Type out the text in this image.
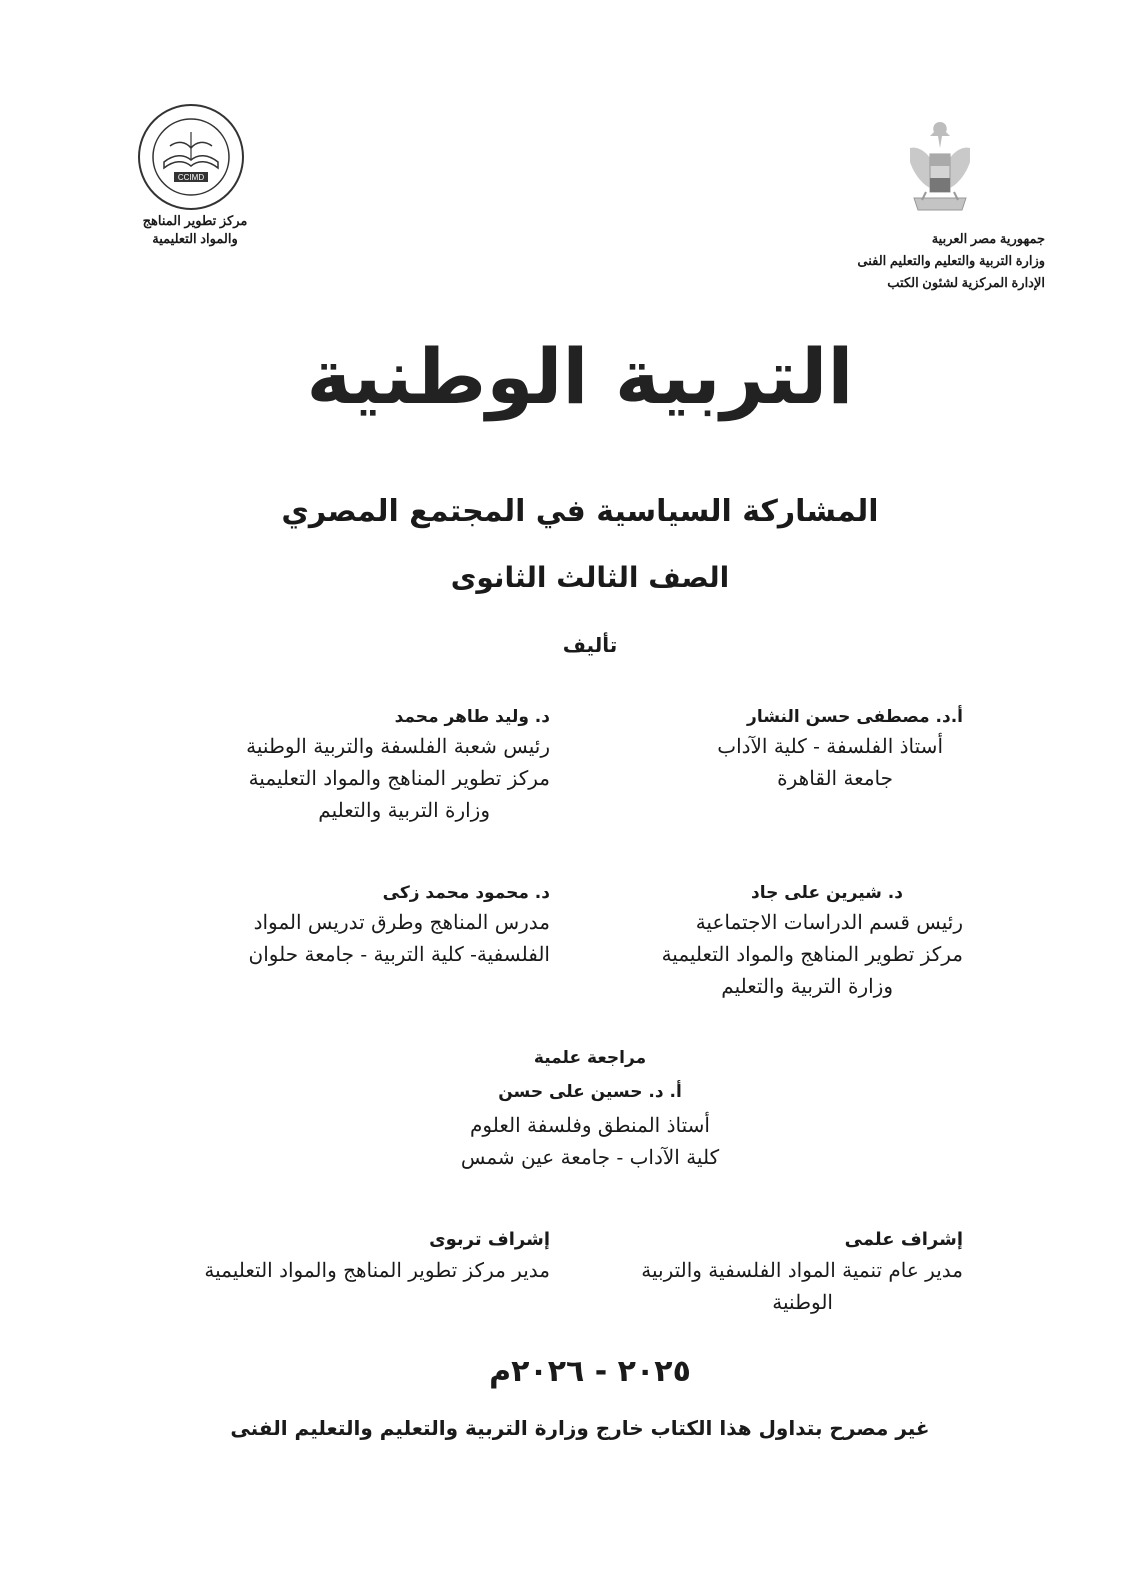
جمهورية مصر العربية
وزارة التربية والتعليم والتعليم الفنى
الإدارة المركزية لشئون الكتب
CCIMD
مركز تطوير المناهج
والمواد التعليمية
التربية الوطنية
المشاركة السياسية في المجتمع المصري
الصف الثالث الثانوى
تأليف
أ.د. مصطفى حسن النشار
أستاذ الفلسفة - كلية الآداب
جامعة القاهرة
د. وليد طاهر محمد
رئيس شعبة الفلسفة والتربية الوطنية
مركز تطوير المناهج والمواد التعليمية
وزارة التربية والتعليم
د. شيرين على جاد
رئيس قسم الدراسات الاجتماعية
مركز تطوير المناهج والمواد التعليمية
وزارة التربية والتعليم
د. محمود محمد زكى
مدرس المناهج وطرق تدريس المواد
الفلسفية- كلية التربية - جامعة حلوان
مراجعة علمية
أ. د. حسين على حسن
أستاذ المنطق وفلسفة العلوم
كلية الآداب - جامعة عين شمس
إشراف علمى
مدير عام تنمية المواد الفلسفية والتربية
الوطنية
إشراف تربوى
مدير مركز تطوير المناهج والمواد التعليمية
٢٠٢٥ - ٢٠٢٦م
غير مصرح بتداول هذا الكتاب خارج وزارة التربية والتعليم والتعليم الفنى
